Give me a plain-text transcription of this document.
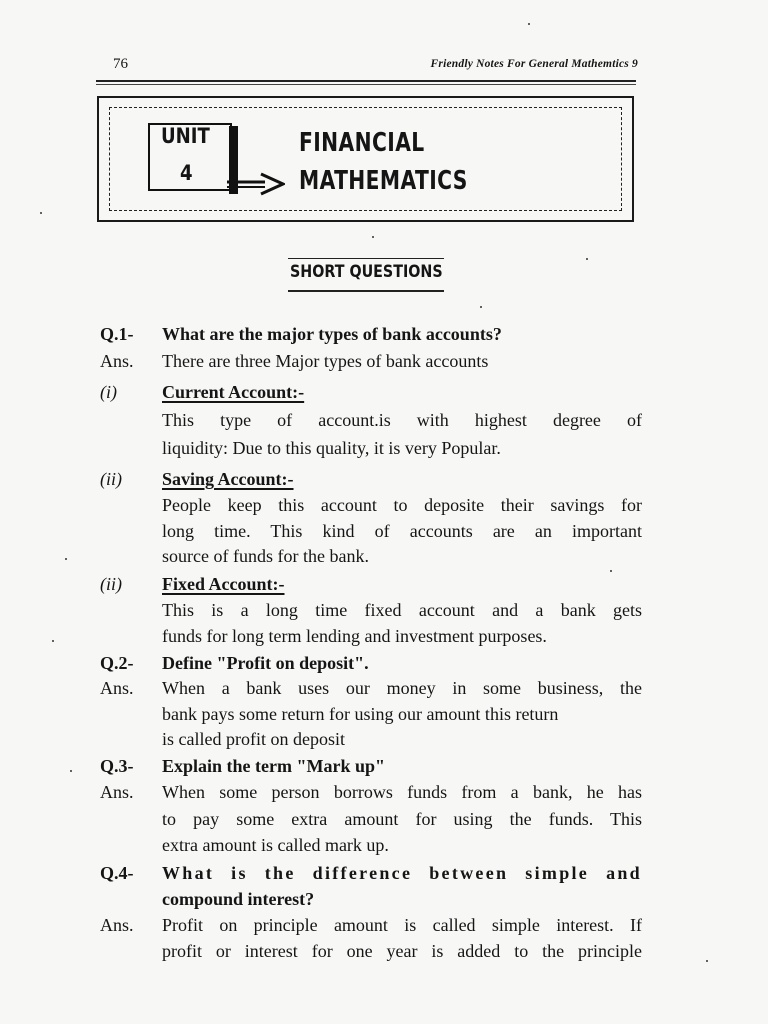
76	Friendly Notes For General Mathemtics 9
UNIT
4
FINANCIAL
MATHEMATICS
SHORT QUESTIONS
Q.1- What are the major types of bank accounts?
Ans. There are three Major types of bank accounts
(i)	Current Account:-
This type of account.is with highest degree of
liquidity: Due to this quality, it is very Popular.
(ii) Saving Account:-
People keep this account to deposite their savings for
long time. This kind of accounts are an important
source of funds for the bank.
(ii) Fixed Account:-
This is a long time fixed account and a bank gets
funds for long term lending and investment purposes.
Q.2- Define "Profit on deposit".
Ans. When a bank uses our money in some business, the
bank pays some return for using our amount this return
is called profit on deposit
Q.3- Explain the term "Mark up"
Ans. When some person borrows funds from a bank, he has
to pay some extra amount for using the funds. This
extra amount is called mark up.
Q.4- What is the difference between simple and
compound interest?
Ans. Profit on principle amount is called simple interest. If
profit or interest for one year is added to the principle
